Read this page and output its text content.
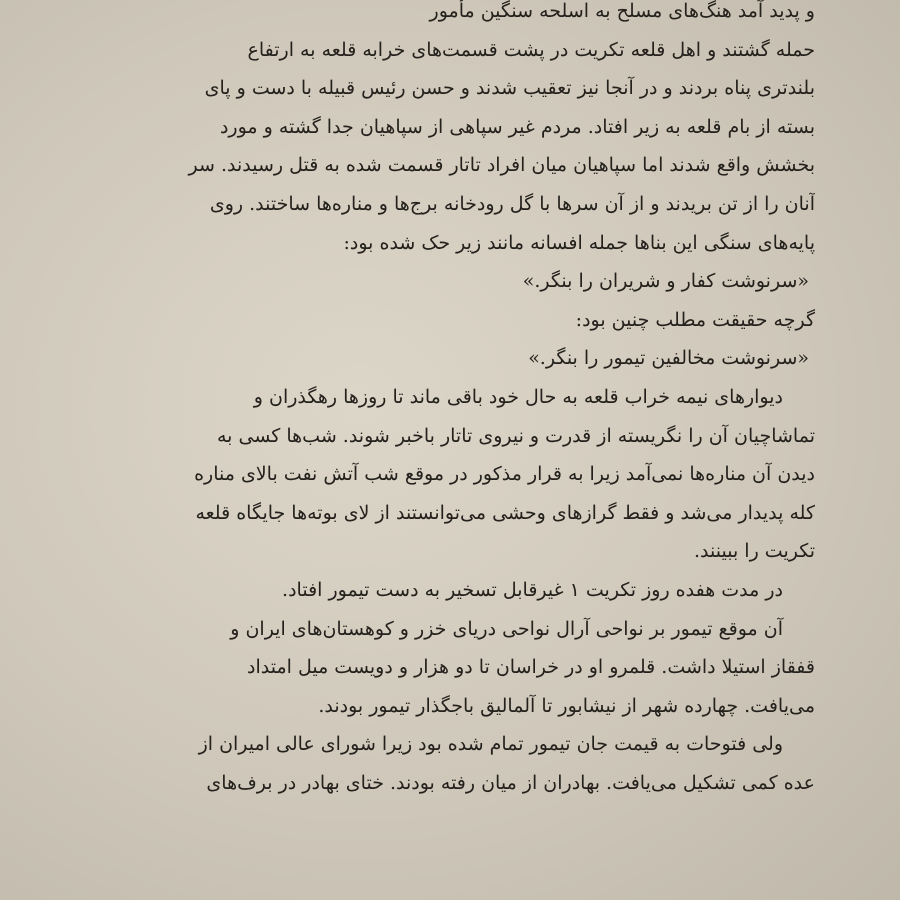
و پدید آمد هنگ‌های مسلح به اسلحه سنگین مأمور
حمله گشتند و اهل قلعه تکریت در پشت قسمت‌های خرابه قلعه به ارتفاع
بلندتری پناه بردند و در آنجا نیز تعقیب شدند و حسن رئیس قبیله با دست و پای
بسته از بام قلعه به زیر افتاد. مردم غیر سپاهی از سپاهیان جدا گشته و مورد
بخشش واقع شدند اما سپاهیان میان افراد تاتار قسمت شده به قتل رسیدند. سر
آنان را از تن بریدند و از آن سرها با گل رودخانه برج‌ها و مناره‌ها ساختند. روی
پایه‌های سنگی این بناها جمله افسانه مانند زیر حک شده بود:
«سرنوشت کفار و شریران را بنگر.»
گرچه حقیقت مطلب چنین بود:
«سرنوشت مخالفین تیمور را بنگر.»
دیوارهای نیمه خراب قلعه به حال خود باقی ماند تا روزها رهگذران و
تماشاچیان آن را نگریسته از قدرت و نیروی تاتار باخبر شوند. شب‌ها کسی به
دیدن آن مناره‌ها نمی‌آمد زیرا به قرار مذکور در موقع شب آتش نفت بالای مناره
کله پدیدار می‌شد و فقط گرازهای وحشی می‌توانستند از لای بوته‌ها جایگاه قلعه
تکریت را ببینند.
در مدت هفده روز تکریت ۱ غیرقابل تسخیر به دست تیمور افتاد.
آن موقع تیمور بر نواحی آرال نواحی دریای خزر و کوهستان‌های ایران و
قفقاز استیلا داشت. قلمرو او در خراسان تا دو هزار و دویست میل امتداد
می‌یافت. چهارده شهر از نیشابور تا آلمالیق باجگذار تیمور بودند.
ولی فتوحات به قیمت جان تیمور تمام شده بود زیرا شورای عالی امیران از
عده کمی تشکیل می‌یافت. بهادران از میان رفته بودند. ختای بهادر در برف‌های
